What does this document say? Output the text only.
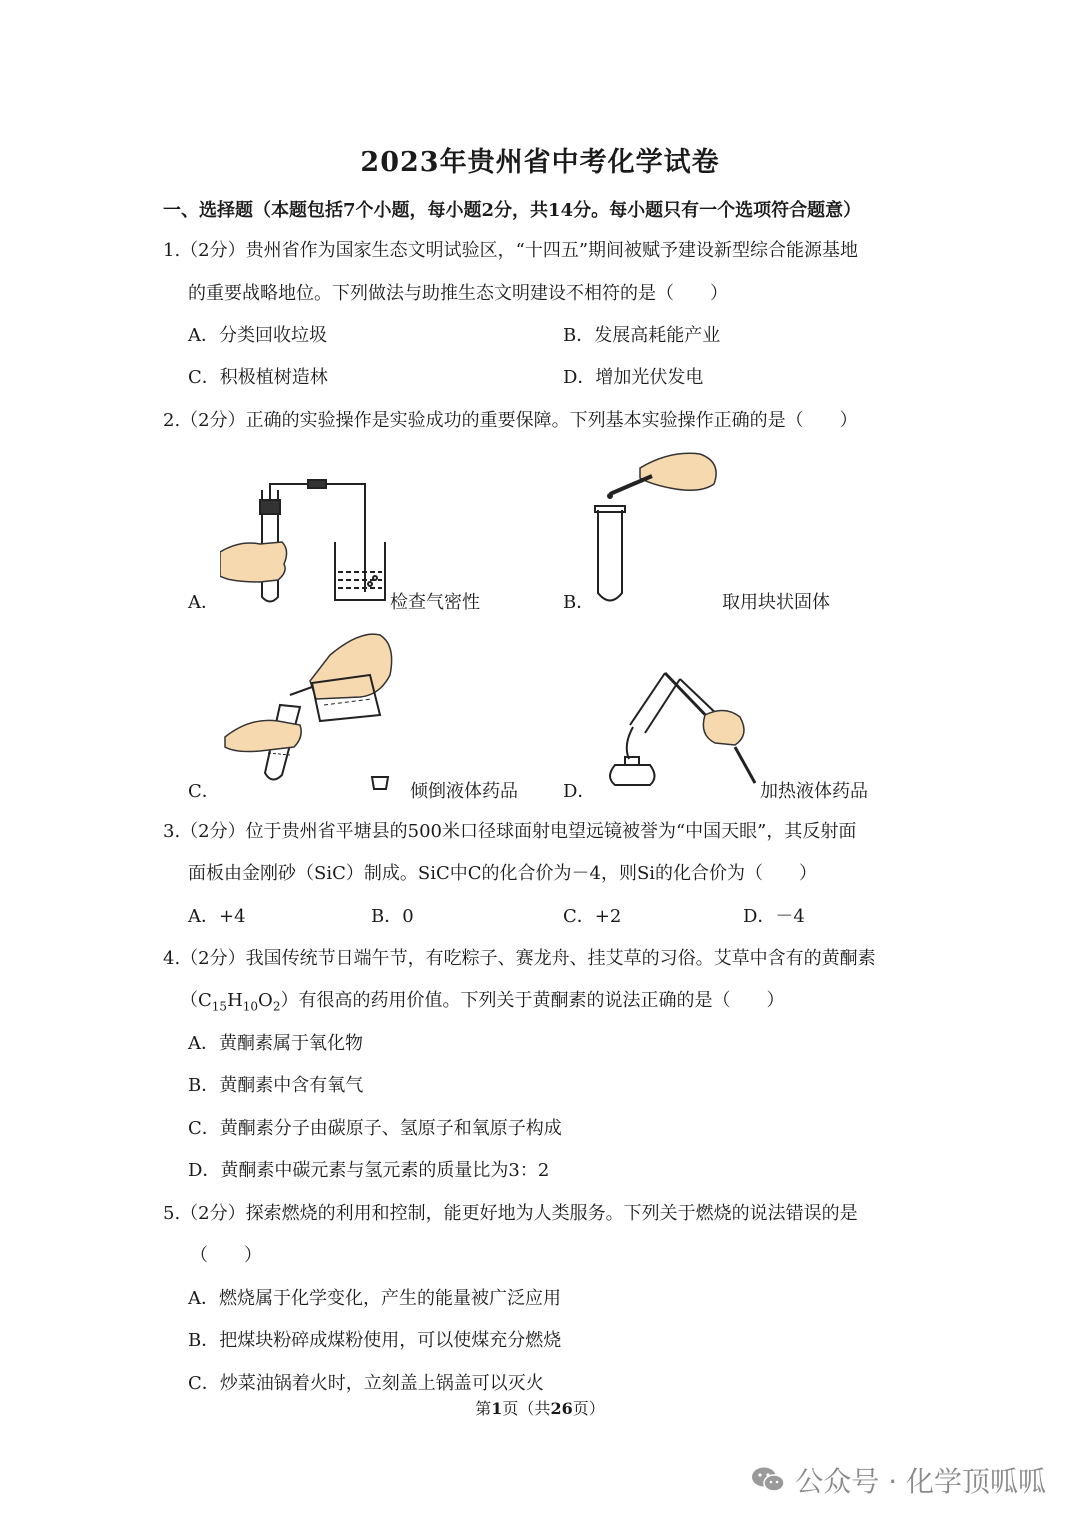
2023年贵州省中考化学试卷
一、选择题（本题包括7个小题，每小题2分，共14分。每小题只有一个选项符合题意）
1.（2分）贵州省作为国家生态文明试验区，“十四五”期间被赋予建设新型综合能源基地
的重要战略地位。下列做法与助推生态文明建设不相符的是（　　）
A．分类回收垃圾	B．发展高耗能产业
C．积极植树造林	D．增加光伏发电
2.（2分）正确的实验操作是实验成功的重要保障。下列基本实验操作正确的是（　　）
A．	检查气密性	B．	取用块状固体
C．	倾倒液体药品	D．	加热液体药品
3.（2分）位于贵州省平塘县的500米口径球面射电望远镜被誉为“中国天眼”，其反射面
面板由金刚砂（SiC）制成。SiC中C的化合价为－4，则Si的化合价为（　　）
A．+4	B．0	C．+2	D．－4
4.（2分）我国传统节日端午节，有吃粽子、赛龙舟、挂艾草的习俗。艾草中含有的黄酮素
$(C_{15}H_{10}O_2)$有很高的药用价值。下列关于黄酮素的说法正确的是（　　）
A．黄酮素属于氧化物
B．黄酮素中含有氧气
C．黄酮素分子由碳原子、氢原子和氧原子构成
D．黄酮素中碳元素与氢元素的质量比为3：2
5.（2分）探索燃烧的利用和控制，能更好地为人类服务。下列关于燃烧的说法错误的是
（　　）
A．燃烧属于化学变化，产生的能量被广泛应用
B．把煤块粉碎成煤粉使用，可以使煤充分燃烧
C．炒菜油锅着火时，立刻盖上锅盖可以灭火
第1页（共26页）
公众号 · 化学顶呱呱
